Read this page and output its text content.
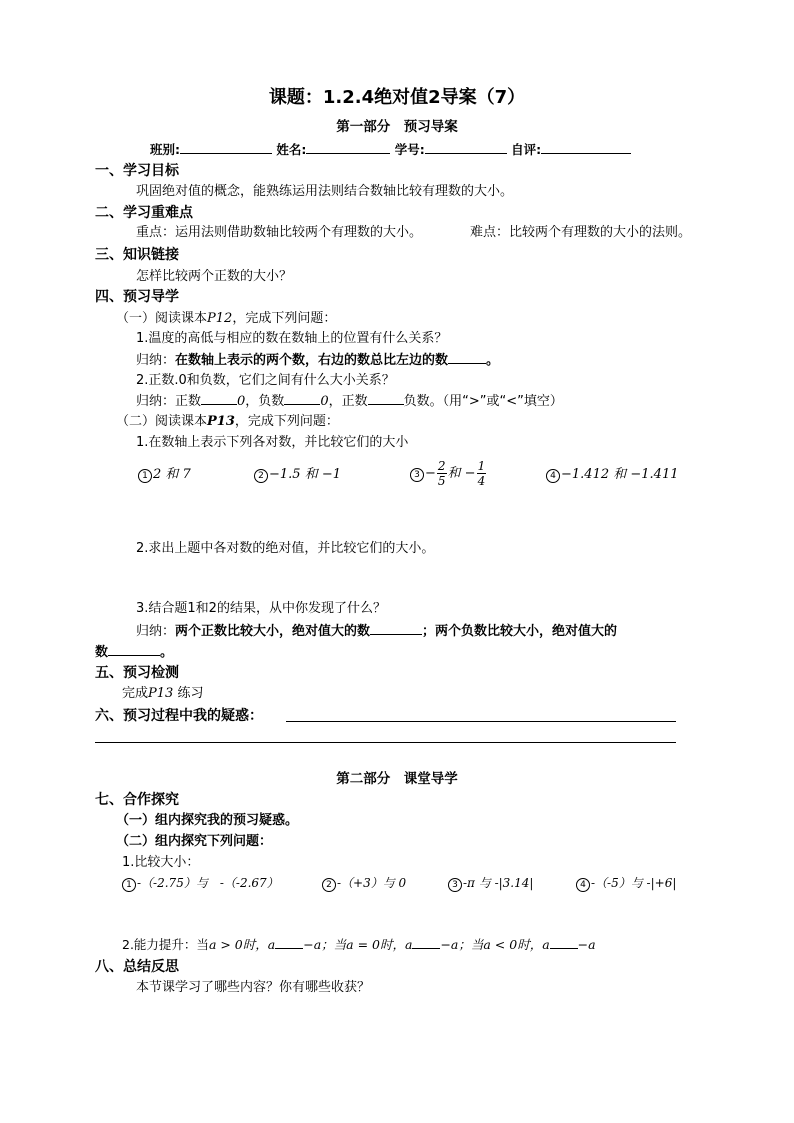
课题：1.2.4绝对值2导案（7）
第一部分　预习导案
班别:	姓名:	学号:	自评:
一、学习目标
巩固绝对值的概念，能熟练运用法则结合数轴比较有理数的大小。
二、学习重难点
重点：运用法则借助数轴比较两个有理数的大小。	难点：比较两个有理数的大小的法则。
三、知识链接
怎样比较两个正数的大小？
四、预习导学
（一）阅读课本P12，完成下列问题：
1.温度的高低与相应的数在数轴上的位置有什么关系？
归纳：在数轴上表示的两个数，右边的数总比左边的数	。
2.正数.0和负数，它们之间有什么大小关系？
归纳：正数	0，负数	0，正数	负数。（用“>”或“<”填空）
（二）阅读课本P13，完成下列问题：
1.在数轴上表示下列各对数，并比较它们的大小
1 2 和 7	2 −1.5 和 −1	$3 - \frac{2}{5}$ 和 − $\frac{1}{4}$	4 −1.412 和 −1.411
2.求出上题中各对数的绝对值，并比较它们的大小。
3.结合题1和2的结果，从中你发现了什么？
归纳：两个正数比较大小，绝对值大的数	；两个负数比较大小，绝对值大的
数	。
五、预习检测
完成P13 练习
六、预习过程中我的疑惑：
第二部分　课堂导学
七、合作探究
（一）组内探究我的预习疑惑。
（二）组内探究下列问题：
1.比较大小：
1 -（-2.75）与　-（-2.67）	2 -（+3）与 0	3 -π 与 -|3.14|	4 -（-5）与 -|+6|
2.能力提升：当a > 0时，a −a；当a = 0时，a −a；当a < 0时，a −a
八、总结反思
本节课学习了哪些内容？你有哪些收获？
